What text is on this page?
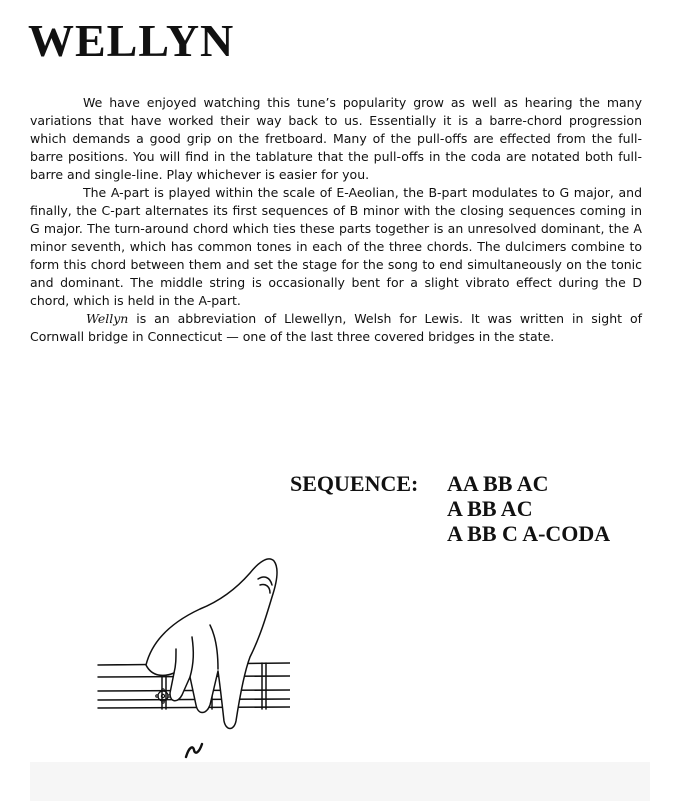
WELLYN

We have enjoyed watching this tune’s popularity grow as well as hearing the many variations that have worked their way back to us. Essentially it is a barre-chord progression which demands a good grip on the fretboard. Many of the pull-offs are effected from the full-barre positions. You will find in the tablature that the pull-offs in the coda are notated both full-barre and single-line. Play whichever is easier for you.

The A-part is played within the scale of E-Aeolian, the B-part modulates to G major, and finally, the C-part alternates its first sequences of B minor with the closing sequences coming in G major. The turn-around chord which ties these parts together is an unresolved dominant, the A minor seventh, which has common tones in each of the three chords. The dulcimers combine to form this chord between them and set the stage for the song to end simultaneously on the tonic and dominant. The middle string is occasionally bent for a slight vibrato effect during the D chord, which is held in the A-part.

Wellyn is an abbreviation of Llewellyn, Welsh for Lewis. It was written in sight of Cornwall bridge in Connecticut — one of the last three covered bridges in the state.

SEQUENCE: AA BB AC
A BB AC
A BB C A-CODA
